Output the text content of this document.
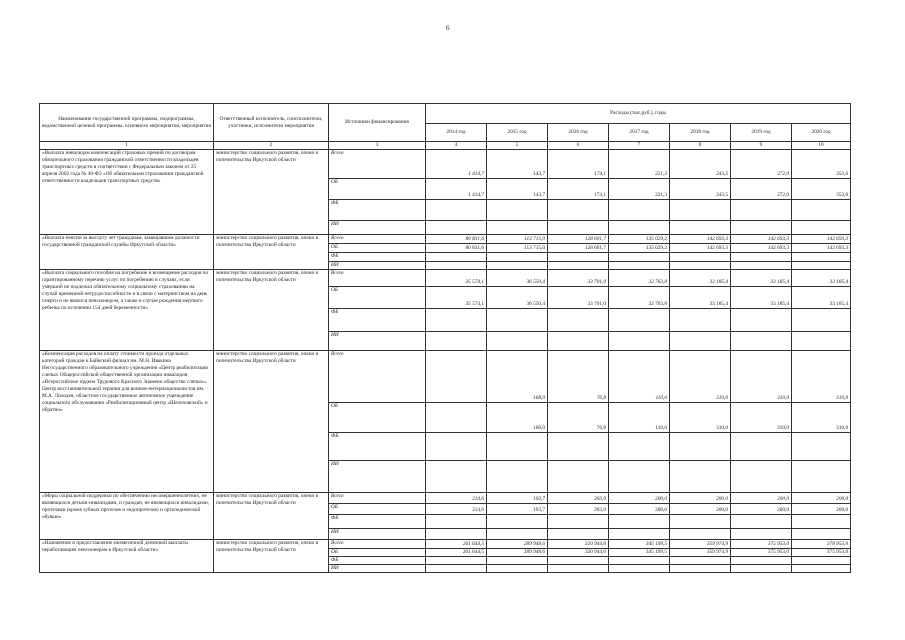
6
Наименование государственной программы, подпрограммы, ведомственной целевой программы, основного мероприятия, мероприятия	Ответственный исполнитель, соисполнители, участники, исполнители мероприятия	Источники финансирования	Расходы (тыс.руб.), годы						
			2014 год	2015 год	2016 год	2017 год	2018 год	2019 год	2020 год
1	2	3	4	5	6	7	8	9	10
«Выплата инвалидам компенсаций страховых премий по договорам обязательного страхования гражданской ответственности владельцев транспортных средств в соответствии с Федеральным законом от 25 апреля 2002 года № 40-ФЗ «Об обязательном страховании гражданской ответственности владельцев транспортных средств»	министерство социального развития, опеки и попечительства Иркутской области	Всего	1 414,7	143,7	174,1	221,3	243,5	272,0	353,6
		ОБ	1 414,7	143,7	174,1	221,3	243,5	272,0	353,6
		ФБ							
		ИИ							
«Выплата пенсии за выслугу лет гражданам, замещавшим должности государственной гражданской службы Иркутской области»	министерство социального развития, опеки и попечительства Иркутской области	Всего	80 831,6	113 715,0	128 601,7	135 029,2	142 693,3	142 693,3	142 693,3
		ОБ	80 831,6	113 715,0	128 601,7	135 029,2	142 693,3	142 693,3	142 693,3
		ФБ							
		ИИ							
«Выплата социального пособия на погребение и возмещение расходов по гарантированному перечню услуг по погребению в случаях, если умерший не подлежал обязательному социальному страхованию на случай временной нетрудоспособности и в связи с материнством на день смерти и не являлся пенсионером, а также в случае рождения мертвого ребенка по истечении 154 дней беременности»	министерство социального развития, опеки и попечительства Иркутской области	Всего	35 574,1	36 550,4	33 701,0	32 763,8	33 185,4	33 185,4	33 185,4
		ОБ	35 574,1	36 550,4	33 701,0	32 763,8	33 185,4	33 185,4	33 185,4
		ФБ							
		ИИ							
«Компенсация расходов на оплату стоимости проезда отдельных категорий граждан к Байкский филиал им. М.Н. Ивакина Негосударственного образовательного учреждения «Центр реабилитации слепых Общероссийской общественной организации инвалидов «Всероссийское ордена Трудового Красного Знамени общество слепых». Центр восстановительной терапии для воинов-интернационалистов им. М.А. Лиходея, областное государственное автономное учреждение социального обслуживания «Реабилитационный центр «Шелеховский» и обратно»	министерство социального развития, опеки и попечительства Иркутской области	Всего		168,0	76,8	110,0	310,0	310,0	310,0
		ОБ		168,0	76,8	110,0	310,0	310,0	310,0
		ФБ							
		ИИ							
«Меры социальной поддержки по обеспечению несовершеннолетних, не являющихся детьми-инвалидами, и граждан, не являющихся инвалидами, протезами (кроме зубных протезов и эндопротезов) и ортопедической обувью»	министерство социального развития, опеки и попечительства Иркутской области	Всего	214,6	193,7	203,9	200,0	200,0	200,0	200,0
		ОБ	214,6	193,7	203,9	200,0	200,0	200,0	200,0
		ФБ							
		ИИ							
«Назначение и предоставление ежемесячной денежной выплаты неработающим пенсионерам в Иркутской области»	министерство социального развития, опеки и попечительства Иркутской области	Всего	261 644,5	289 948,6	320 944,6	345 199,5	359 974,9	375 953,0	378 953,0
		ОБ	261 644,5	289 948,6	320 944,6	345 199,5	359 974,9	375 953,0	375 953,0
		ФБ							
		ИИ							
